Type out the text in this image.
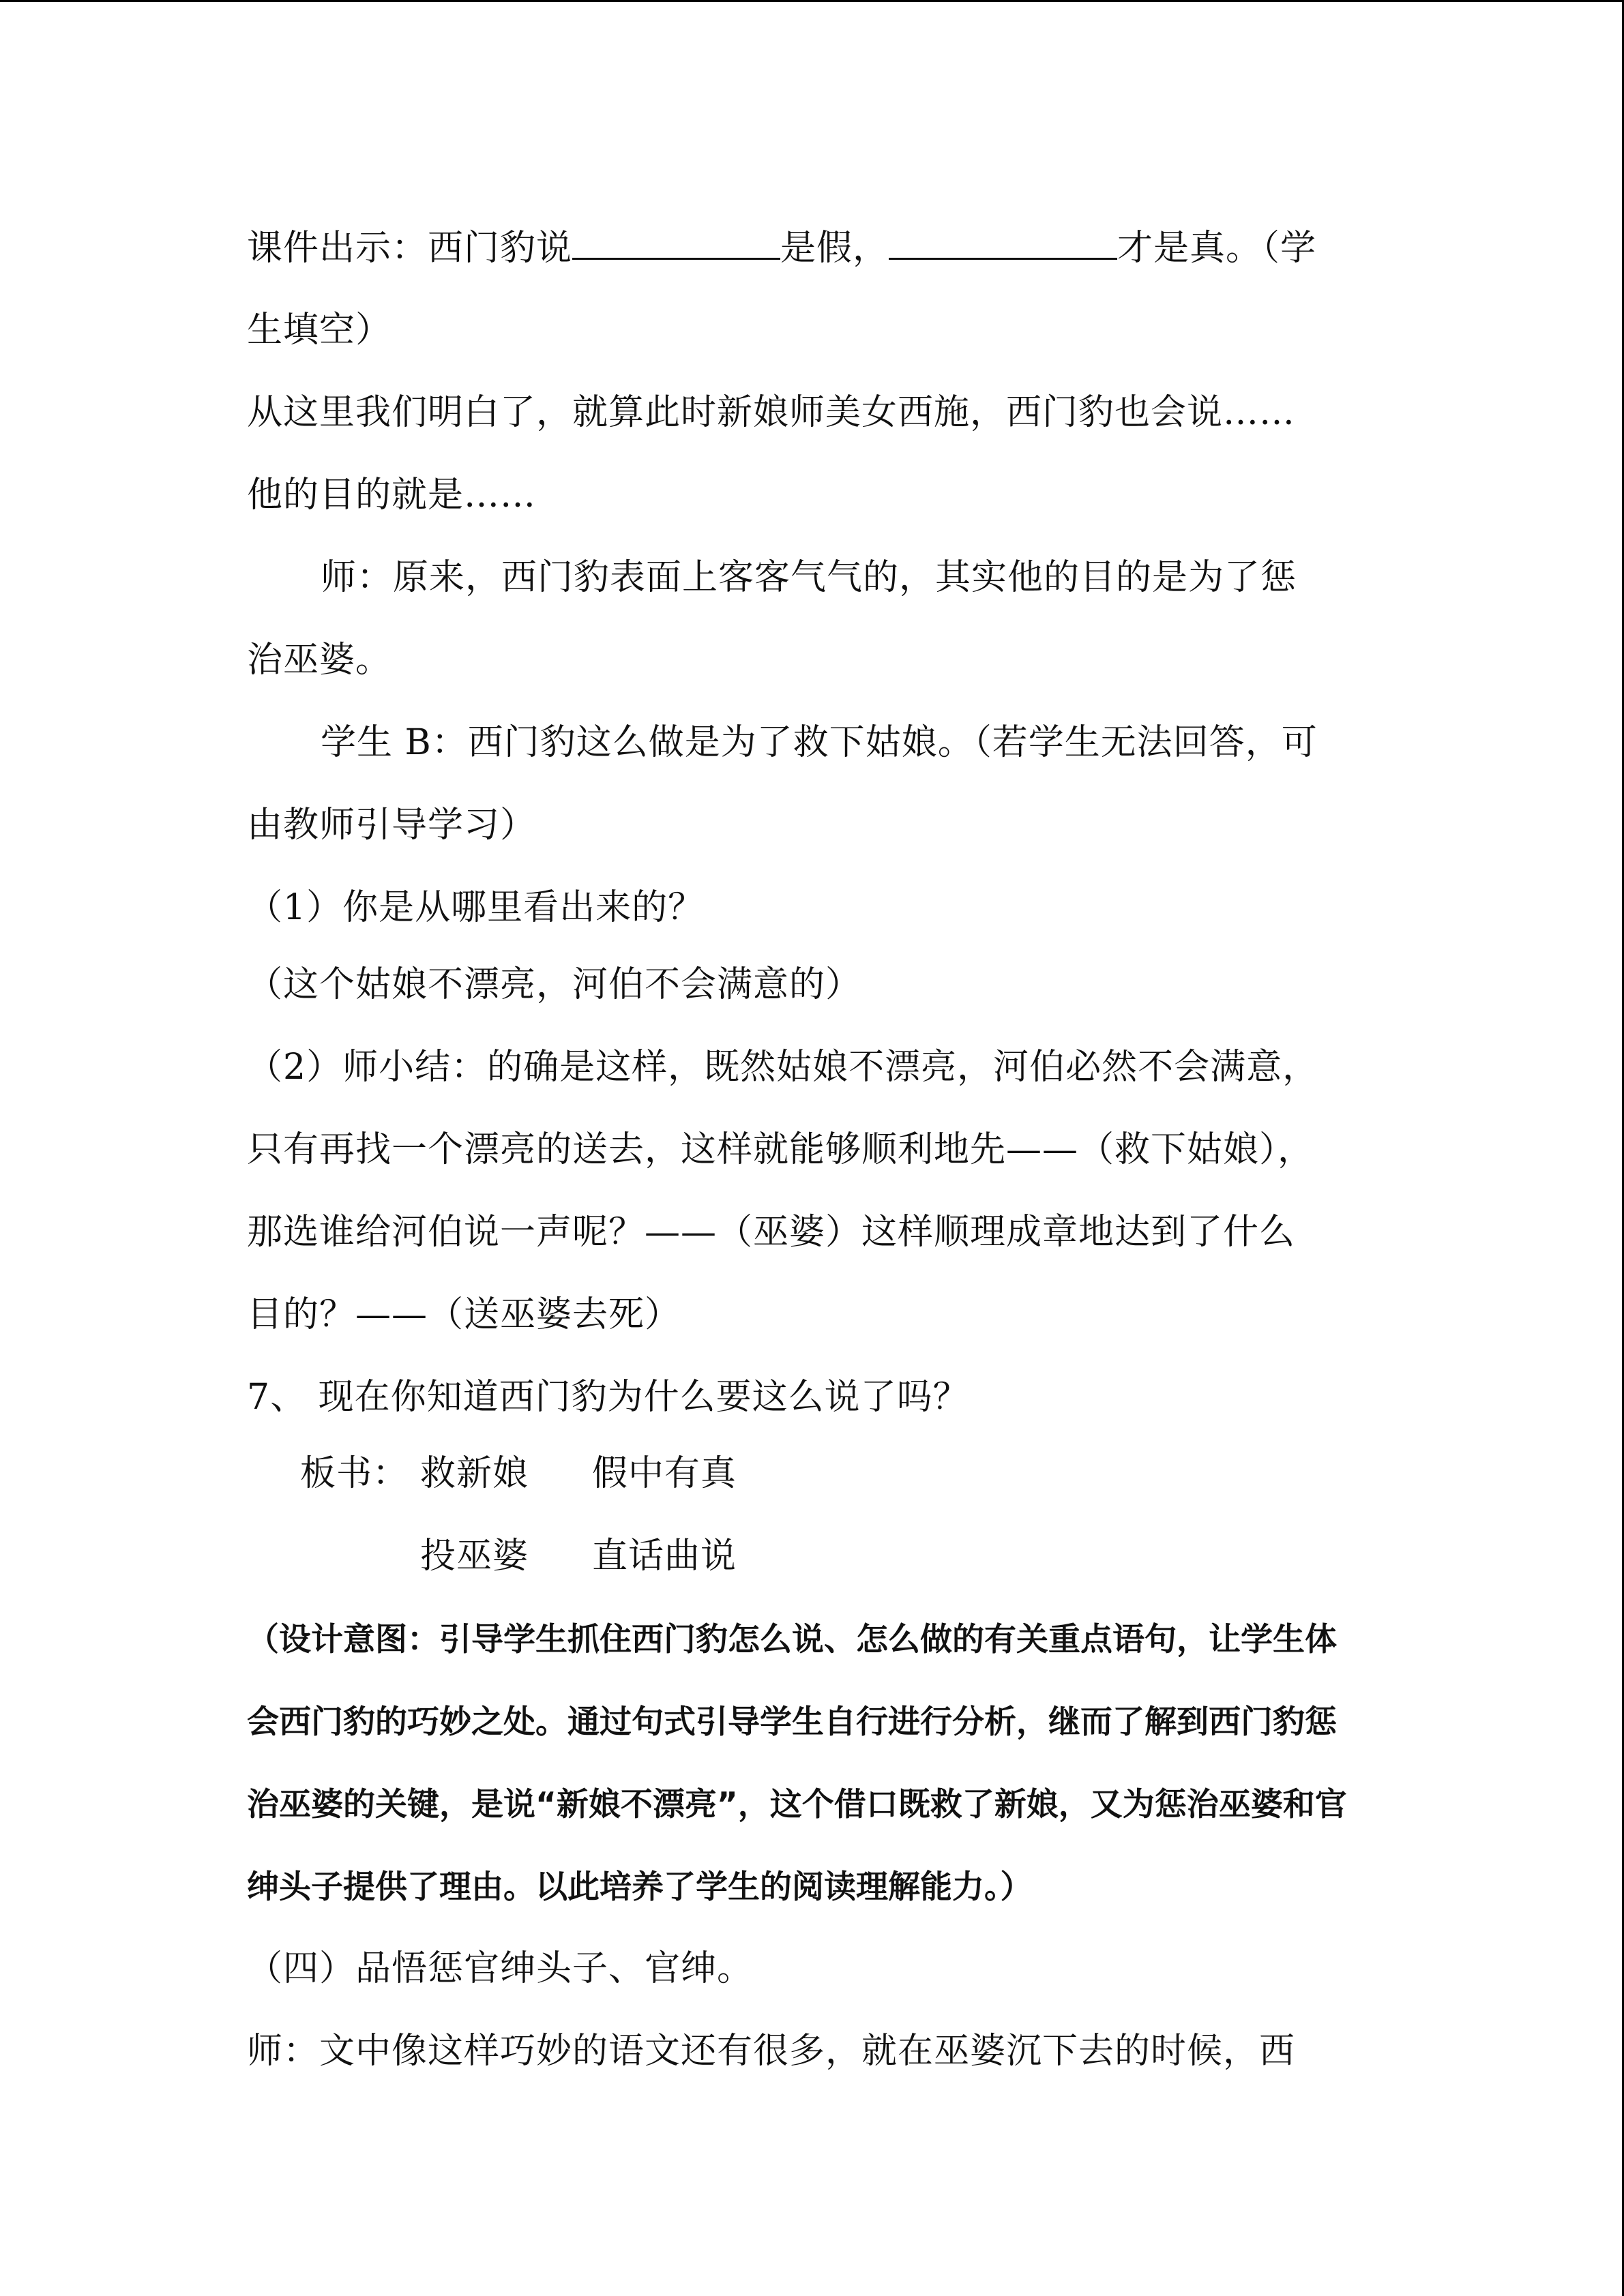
课件出示：西门豹说	是假，	才是真。（学
生填空）
从这里我们明白了，就算此时新娘师美女西施，西门豹也会说……
他的目的就是……
师：原来，西门豹表面上客客气气的，其实他的目的是为了惩
治巫婆。
学生 B：西门豹这么做是为了救下姑娘。（若学生无法回答，可
由教师引导学习）
（1）你是从哪里看出来的？
（这个姑娘不漂亮，河伯不会满意的）
（2）师小结：的确是这样，既然姑娘不漂亮，河伯必然不会满意，
只有再找一个漂亮的送去，这样就能够顺利地先——（救下姑娘），
那选谁给河伯说一声呢？——（巫婆）这样顺理成章地达到了什么
目的？——（送巫婆去死）
7、 现在你知道西门豹为什么要这么说了吗？
板书： 救新娘 假中有真
投巫婆 直话曲说
（设计意图：引导学生抓住西门豹怎么说、怎么做的有关重点语句，让学生体
会西门豹的巧妙之处。通过句式引导学生自行进行分析，继而了解到西门豹惩
治巫婆的关键，是说“新娘不漂亮”，这个借口既救了新娘，又为惩治巫婆和官
绅头子提供了理由。以此培养了学生的阅读理解能力。）
（四）品悟惩官绅头子、官绅。
师：文中像这样巧妙的语文还有很多，就在巫婆沉下去的时候，西
